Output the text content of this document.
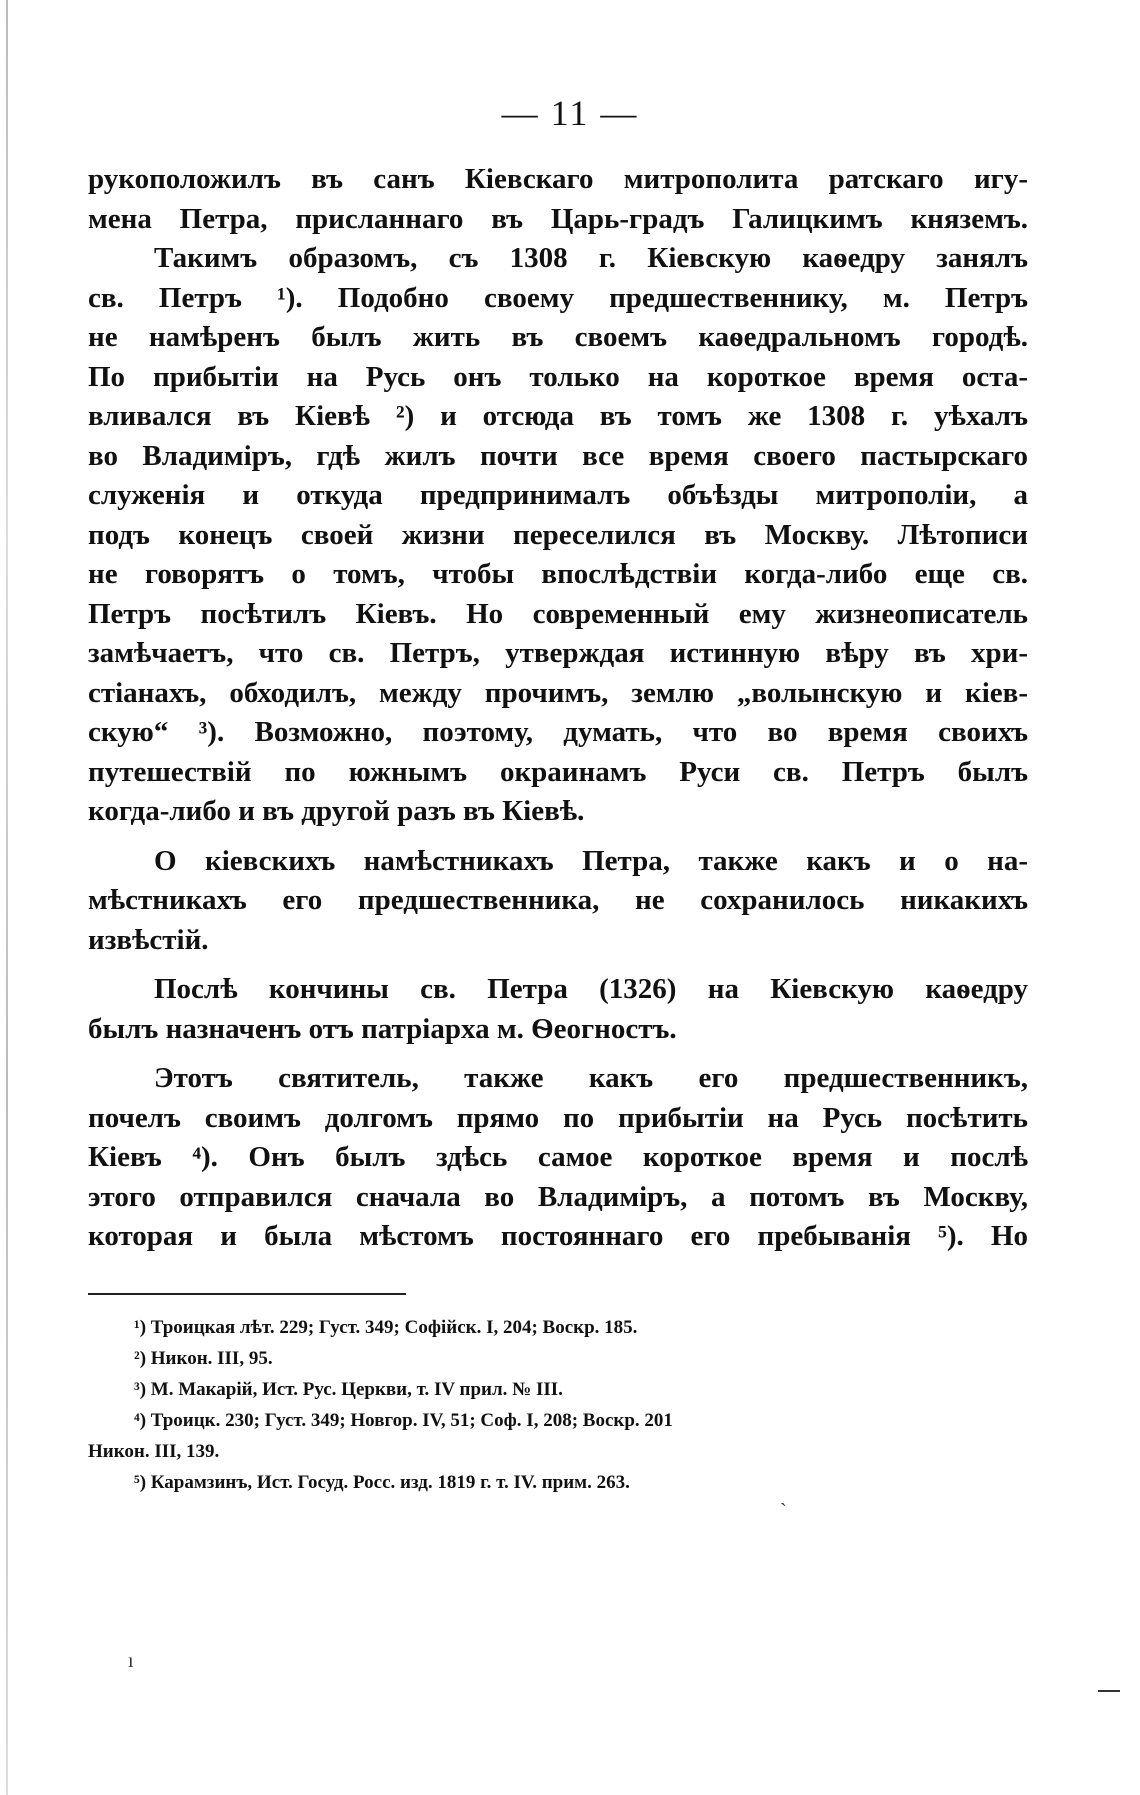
— 11 —
рукоположилъ въ санъ Кіевскаго митрополита ратскаго игу-
мена Петра, присланнаго въ Царь-градъ Галицкимъ княземъ.
Такимъ образомъ, съ 1308 г. Кіевскую каѳедру занялъ
св. Петръ ¹). Подобно своему предшественнику, м. Петръ
не намѣренъ былъ жить въ своемъ каѳедральномъ городѣ.
По прибытіи на Русь онъ только на короткое время оста-
вливался въ Кіевѣ ²) и отсюда въ томъ же 1308 г. уѣхалъ
во Владиміръ, гдѣ жилъ почти все время своего пастырскаго
служенія и откуда предпринималъ объѣзды митрополіи, а
подъ конецъ своей жизни переселился въ Москву. Лѣтописи
не говорятъ о томъ, чтобы впослѣдствіи когда-либо еще св.
Петръ посѣтилъ Кіевъ. Но современный ему жизнеописатель
замѣчаетъ, что св. Петръ, утверждая истинную вѣру въ хри-
стіанахъ, обходилъ, между прочимъ, землю „волынскую и кіев-
скую“ ³). Возможно, поэтому, думать, что во время своихъ
путешествій по южнымъ окраинамъ Руси св. Петръ былъ
когда-либо и въ другой разъ въ Кіевѣ.
О кіевскихъ намѣстникахъ Петра, также какъ и о на-
мѣстникахъ его предшественника, не сохранилось никакихъ
извѣстій.
Послѣ кончины св. Петра (1326) на Кіевскую каѳедру
былъ назначенъ отъ патріарха м. Ѳеогностъ.
Этотъ святитель, также какъ его предшественникъ,
почелъ своимъ долгомъ прямо по прибытіи на Русь посѣтить
Кіевъ ⁴). Онъ былъ здѣсь самое короткое время и послѣ
этого отправился сначала во Владиміръ, а потомъ въ Москву,
которая и была мѣстомъ постояннаго его пребыванія ⁵). Но
¹) Троицкая лѣт. 229; Густ. 349; Софійск. I, 204; Воскр. 185.
²) Никон. III, 95.
³) М. Макарій, Ист. Рус. Церкви, т. IV прил. № III.
⁴) Троицк. 230; Густ. 349; Новгор. IV, 51; Соф. I, 208; Воскр. 201
Никон. III, 139.
⁵) Карамзинъ, Ист. Госуд. Росс. изд. 1819 г. т. IV. прим. 263.
`
ı
